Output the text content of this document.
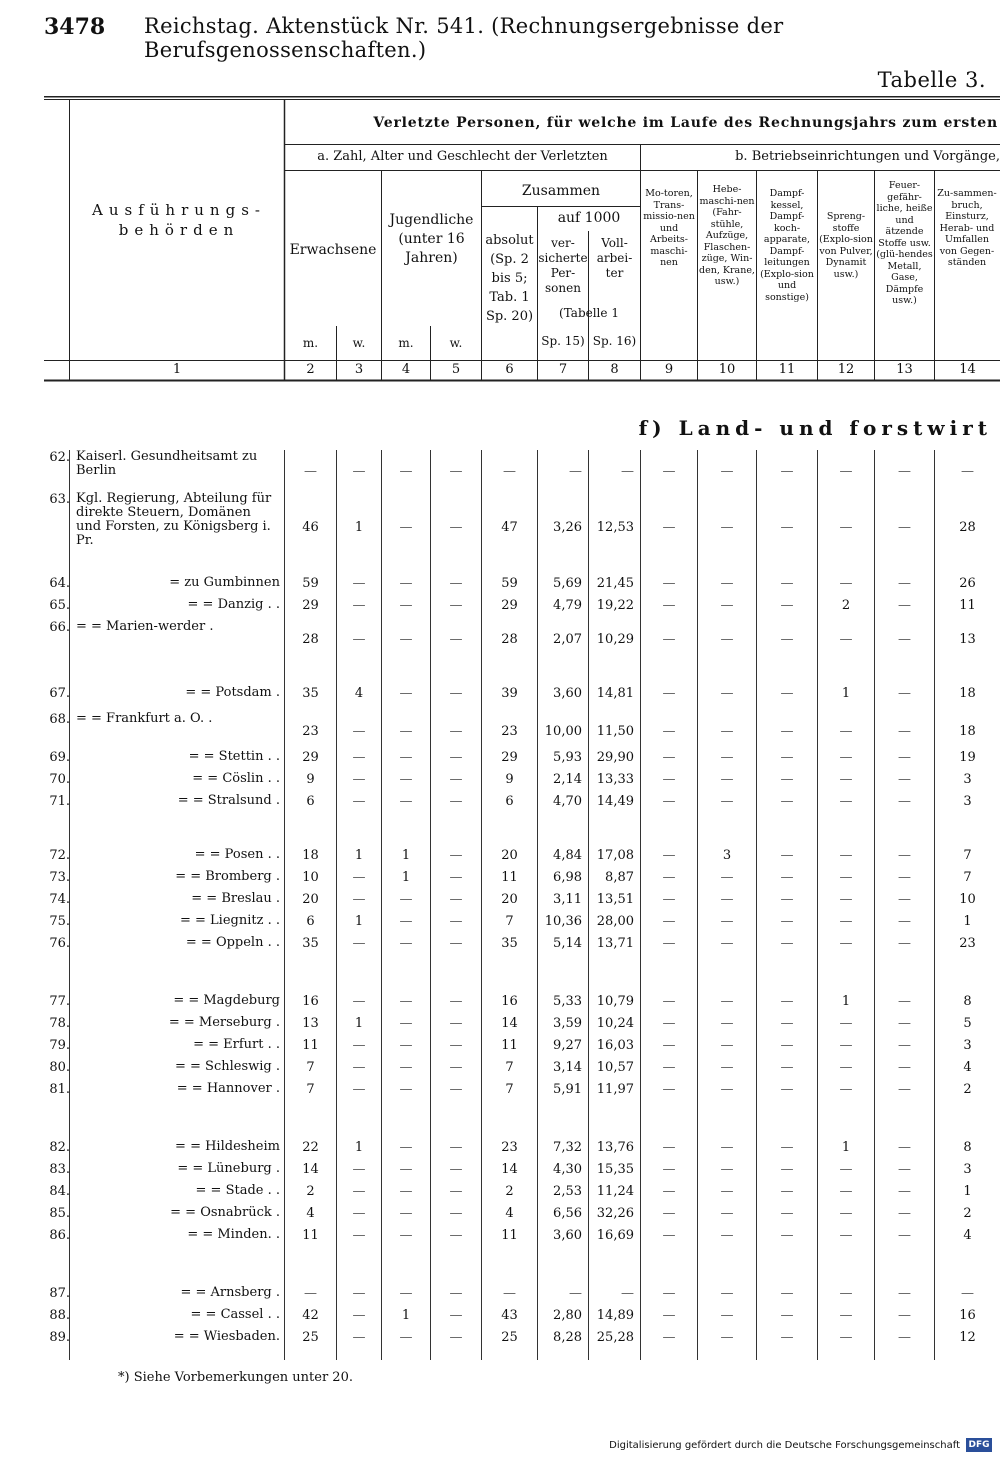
3478 Reichstag. Aktenstück Nr. 541. (Rechnungsergebnisse der Berufsgenossenschaften.)
Tabelle 3.
Ausführungs-behörden
Verletzte Personen, für welche im Laufe des Rechnungsjahrs zum ersten
a. Zahl, Alter und Geschlecht der Verletzten	b. Betriebseinrichtungen und Vorgänge,
Erwachsene
Jugendliche (unter 16 Jahren)
Zusammen
absolut (Sp. 2 bis 5; Tab. 1 Sp. 20)
auf 1000
ver-sicherte Per-sonen
Voll-arbei-ter
(Tabelle 1
Sp. 15) Sp. 16)
m.	w.	m.	w.
Mo-toren, Trans-missio-nen und Arbeits-maschi-nen
Hebe-maschi-nen (Fahr-stühle, Aufzüge, Flaschen-züge, Win-den, Krane, usw.)
Dampf-kessel, Dampf-koch-apparate, Dampf-leitungen (Explo-sion und sonstige)
Spreng-stoffe (Explo-sion von Pulver, Dynamit usw.)
Feuer-gefähr-liche, heiße und ätzende Stoffe usw. (glü-hendes Metall, Gase, Dämpfe usw.)
Zu-sammen-bruch, Einsturz, Herab- und Umfallen von Gegen-ständen
1	2	3	4	5	6	7	8	9	10	11	12	13	14
f) Land- und forstwirt
62. Kaiserl. Gesundheitsamt zu Berlin	—	—	—	—	—	—	—	—	—	—	—	—	—
63. Kgl. Regierung, Abteilung für direkte Steuern, Domänen und Forsten, zu Königsberg i. Pr.
46	1	—	—	47	3,26	12,53	—	—	—	—	—	28
64.	= zu Gumbinnen	59	—	—	—	59	5,69	21,45	—	—	—	—	—	26
65.	= = Danzig . .	29	—	—	—	29	4,79	19,22	—	—	—	2	—	11
66. = = Marien-werder .
28	—	—	—	28	2,07	10,29	—	—	—	—	—	13
67.	= = Potsdam .	35	4	—	—	39	3,60	14,81	—	—	—	1	—	18
68. = = Frankfurt a. O. .
23	—	—	—	23	10,00	11,50	—	—	—	—	—	18
69.	= = Stettin . .	29	—	—	—	29	5,93	29,90	—	—	—	—	—	19
70.	= = Cöslin . .	9	—	—	—	9	2,14	13,33	—	—	—	—	—	3
71.	= = Stralsund .	6	—	—	—	6	4,70	14,49	—	—	—	—	—	3
72.	= = Posen . .	18	1	1	—	20	4,84	17,08	—	3	—	—	—	7
73.	= = Bromberg .	10	—	1	—	11	6,98	8,87	—	—	—	—	—	7
74.	= = Breslau .	20	—	—	—	20	3,11	13,51	—	—	—	—	—	10
75.	= = Liegnitz . .	6	1	—	—	7	10,36	28,00	—	—	—	—	—	1
76.	= = Oppeln . .	35	—	—	—	35	5,14	13,71	—	—	—	—	—	23
77.	= = Magdeburg	16	—	—	—	16	5,33	10,79	—	—	—	1	—	8
78.	= = Merseburg .	13	1	—	—	14	3,59	10,24	—	—	—	—	—	5
79.	= = Erfurt . .	11	—	—	—	11	9,27	16,03	—	—	—	—	—	3
80.	= = Schleswig .	7	—	—	—	7	3,14	10,57	—	—	—	—	—	4
81.	= = Hannover .	7	—	—	—	7	5,91	11,97	—	—	—	—	—	2
82.	= = Hildesheim	22	1	—	—	23	7,32	13,76	—	—	—	1	—	8
83.	= = Lüneburg .	14	—	—	—	14	4,30	15,35	—	—	—	—	—	3
84.	= = Stade . .	2	—	—	—	2	2,53	11,24	—	—	—	—	—	1
85.	= = Osnabrück .	4	—	—	—	4	6,56	32,26	—	—	—	—	—	2
86.	= = Minden. .	11	—	—	—	11	3,60	16,69	—	—	—	—	—	4
87.	= = Arnsberg .	—	—	—	—	—	—	—	—	—	—	—	—	—
88.	= = Cassel . .	42	—	1	—	43	2,80	14,89	—	—	—	—	—	16
89.	= = Wiesbaden.	25	—	—	—	25	8,28	25,28	—	—	—	—	—	12
*) Siehe Vorbemerkungen unter 20.
Digitalisierung gefördert durch die Deutsche Forschungsgemeinschaft DFG
